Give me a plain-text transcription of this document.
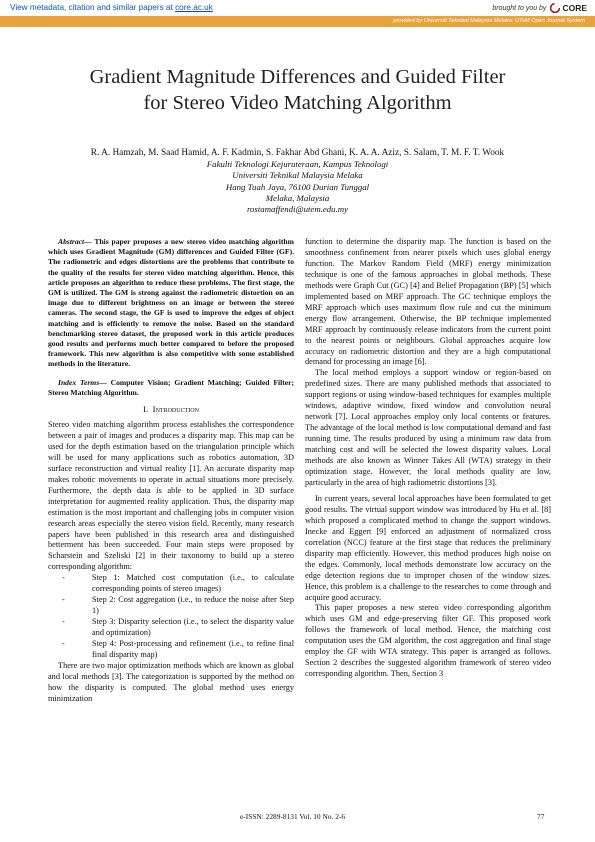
View metadata, citation and similar papers at core.ac.uk	brought to you by CORE
provided by Universiti Teknikal Malaysia Melaka: UTeM Open Journal System
Gradient Magnitude Differences and Guided Filter
for Stereo Video Matching Algorithm
R. A. Hamzah, M. Saad Hamid, A. F. Kadmin, S. Fakhar Abd Ghani, K. A. A. Aziz, S. Salam, T. M. F. T. Wook
Fakulti Teknologi Kejuruteraan, Kampus Teknologi
Universiti Teknikal Malaysia Melaka
Hang Tuah Jaya, 76100 Durian Tunggal
Melaka, Malaysia
rostamaffendi@utem.edu.my

Abstract— This paper proposes a new stereo video matching algorithm which uses Gradient Magnitude (GM) differences and Guided Filter (GF). The radiometric and edges distortions are the problems that contribute to the quality of the results for stereo video matching algorithm. Hence, this article proposes an algorithm to reduce these problems. The first stage, the GM is utilized. The GM is strong against the radiometric distortion on an image due to different brightness on an image or between the stereo cameras. The second stage, the GF is used to improve the edges of object matching and is efficiently to remove the noise. Based on the standard benchmarking stereo dataset, the proposed work in this article produces good results and performs much better compared to before the proposed framework. This new algorithm is also competitive with some established methods in the literature.

Index Terms— Computer Vision; Gradient Matching; Guided Filter; Stereo Matching Algorithm.

I. Introduction

Stereo video matching algorithm process establishes the correspondence between a pair of images and produces a disparity map. This map can be used for the depth estimation based on the triangulation principle which will be used for many applications such as robotics automation, 3D surface reconstruction and virtual reality [1]. An accurate disparity map makes robotic movements to operate in actual situations more precisely. Furthermore, the depth data is able to be applied in 3D surface interpretation for augmented reality application. Thus, the disparity map estimation is the most important and challenging jobs in computer vision research areas especially the stereo vision field. Recently, many research papers have been published in this research area and distinguished betterment has been succeeded. Four main steps were proposed by Scharstein and Szeliski [2] in their taxonomy to build up a stereo corresponding algorithm:

-	Step 1: Matched cost computation (i.e., to calculate corresponding points of stereo images)
-	Step 2: Cost aggregation (i.e., to reduce the noise after Step 1)
-	Step 3: Disparity selection (i.e., to select the disparity value and optimization)
-	Step 4: Post-processing and refinement (i.e., to refine final final disparity map)

There are two major optimization methods which are known as global and local methods [3]. The categorization is supported by the method on how the disparity is computed. The global method uses energy minimization

function to determine the disparity map. The function is based on the smoothness confinement from nearer pixels which uses global energy function. The Markov Random Field (MRF) energy minimization technique is one of the famous approaches in global methods. These methods were Graph Cut (GC) [4] and Belief Propagation (BP) [5] which implemented based on MRF approach. The GC technique employs the MRF approach which uses maximum flow rule and cut the minimum energy flow arrangement. Otherwise, the BP technique implemented MRF approach by continuously release indicators from the current point to the nearest points or neighbours. Global approaches acquire low accuracy on radiometric distortion and they are a high computational demand for processing an image [6].

The local method employs a support window or region-based on predefined sizes. There are many published methods that associated to support regions or using window-based techniques for examples multiple windows, adaptive window, fixed window and convolution neural network [7]. Local approaches employ only local contents or features. The advantage of the local method is low computational demand and fast running time. The results produced by using a minimum raw data from matching cost and will be selected the lowest disparity values. Local methods are also known as Winner Takes All (WTA) strategy in their optimization stage. However, the local methods quality are low, particularly in the area of high radiometric distortions [3].

In current years, several local approaches have been formulated to get good results. The virtual support window was introduced by Hu et al. [8] which proposed a complicated method to change the support windows. Inecke and Eggert [9] enforced an adjustment of normalized cross correlation (NCC) feature at the first stage that reduces the preliminary disparity map efficiently. However, this method produces high noise on the edges. Commonly, local methods demonstrate low accuracy on the edge detection regions due to improper chosen of the window sizes. Hence, this problem is a challenge to the researches to come through and acquire good accuracy.

This paper proposes a new stereo video corresponding algorithm which uses GM and edge-preserving filter GF. This proposed work follows the framework of local method. Hence, the matching cost computation uses the GM algorithm, the cost aggregation and final stage employ the GF with WTA strategy. This paper is arranged as follows. Section 2 describes the suggested algorithm framework of stereo video corresponding algorithm. Then, Section 3

e-ISSN: 2289-8131 Vol. 10 No. 2-6	77
